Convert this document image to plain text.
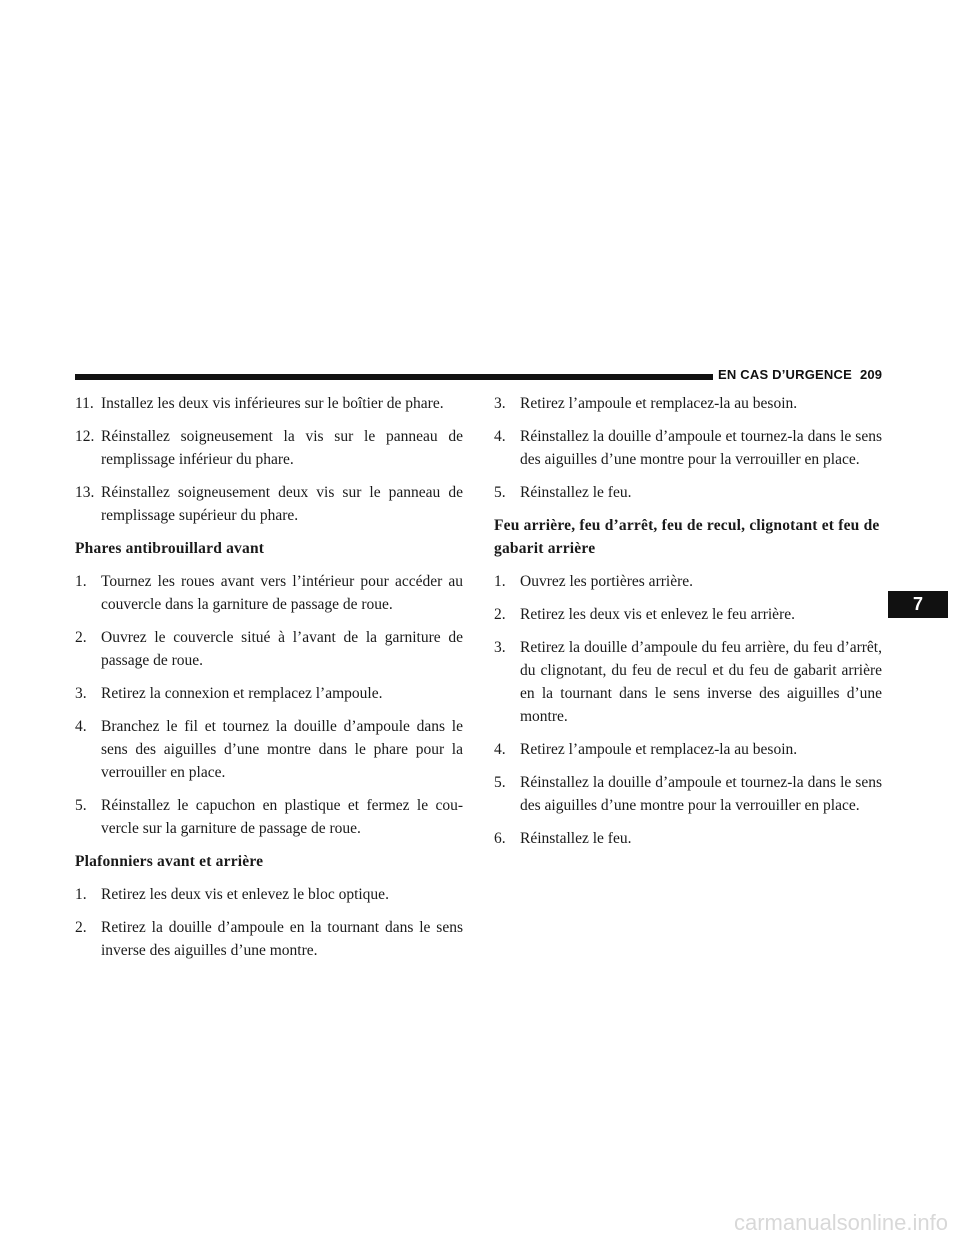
EN CAS D’URGENCE 209
7
11. Installez les deux vis inférieures sur le boîtier de phare.
12. Réinstallez soigneusement la vis sur le panneau de remplissage inférieur du phare.
13. Réinstallez soigneusement deux vis sur le panneau de remplissage supérieur du phare.
Phares antibrouillard avant
1. Tournez les roues avant vers l’intérieur pour accéder au couvercle dans la garniture de passage de roue.
2. Ouvrez le couvercle situé à l’avant de la garniture de passage de roue.
3. Retirez la connexion et remplacez l’ampoule.
4. Branchez le fil et tournez la douille d’ampoule dans le sens des aiguilles d’une montre dans le phare pour la verrouiller en place.
5. Réinstallez le capuchon en plastique et fermez le cou-vercle sur la garniture de passage de roue.
Plafonniers avant et arrière
1. Retirez les deux vis et enlevez le bloc optique.
2. Retirez la douille d’ampoule en la tournant dans le sens inverse des aiguilles d’une montre.
3. Retirez l’ampoule et remplacez-la au besoin.
4. Réinstallez la douille d’ampoule et tournez-la dans le sens des aiguilles d’une montre pour la verrouiller en place.
5. Réinstallez le feu.
Feu arrière, feu d’arrêt, feu de recul, clignotant et feu de gabarit arrière
1. Ouvrez les portières arrière.
2. Retirez les deux vis et enlevez le feu arrière.
3. Retirez la douille d’ampoule du feu arrière, du feu d’arrêt, du clignotant, du feu de recul et du feu de gabarit arrière en la tournant dans le sens inverse des aiguilles d’une montre.
4. Retirez l’ampoule et remplacez-la au besoin.
5. Réinstallez la douille d’ampoule et tournez-la dans le sens des aiguilles d’une montre pour la verrouiller en place.
6. Réinstallez le feu.
carmanualsonline.info
